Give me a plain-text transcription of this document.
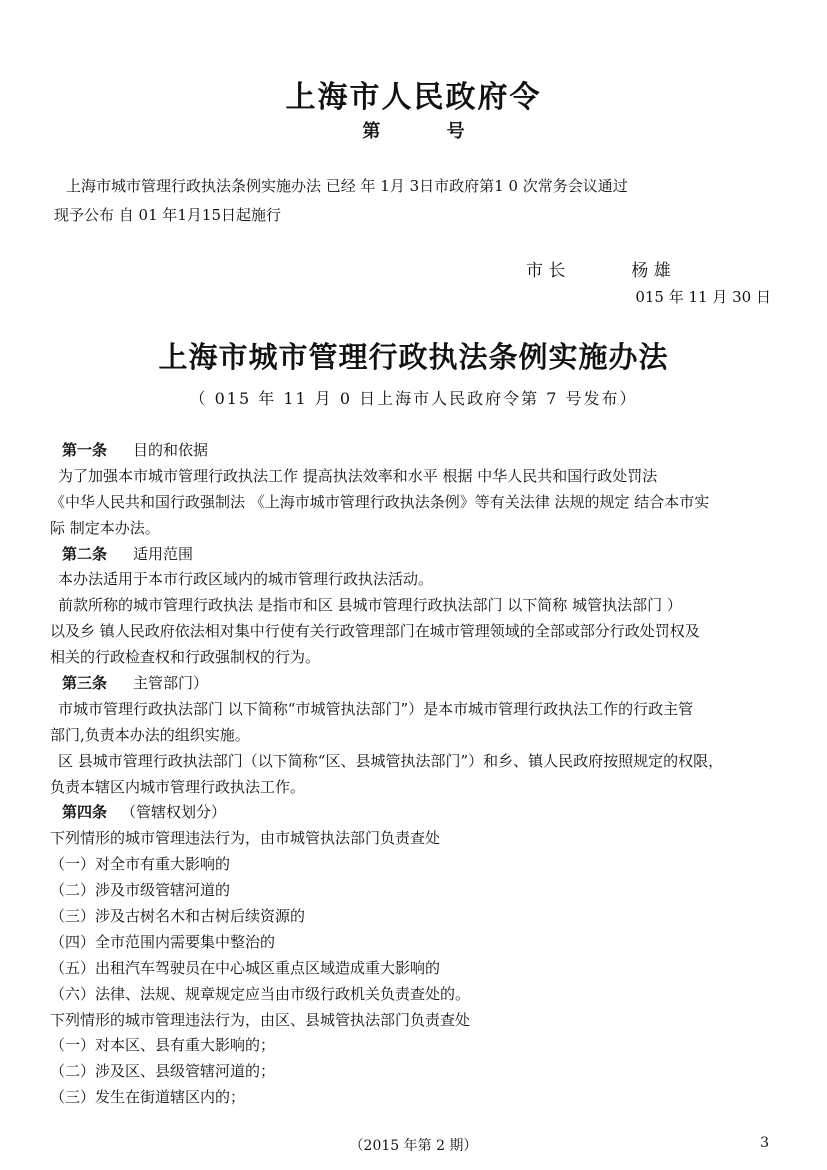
上海市人民政府令
第 号
上海市城市管理行政执法条例实施办法 已经 年 1月 3日市政府第1 0 次常务会议通过
现予公布 自 01 年1月15日起施行
市 长	杨 雄
015 年 11 月 30 日
上海市城市管理行政执法条例实施办法
（ 015 年 11 月 0 日上海市人民政府令第 7 号发布）
第一条 目的和依据
为了加强本市城市管理行政执法工作 提高执法效率和水平 根据 中华人民共和国行政处罚法
《中华人民共和国行政强制法 《上海市城市管理行政执法条例》等有关法律 法规的规定 结合本市实
际 制定本办法。
第二条 适用范围
本办法适用于本市行政区域内的城市管理行政执法活动。
前款所称的城市管理行政执法 是指市和区 县城市管理行政执法部门 以下简称 城管执法部门 ）
以及乡 镇人民政府依法相对集中行使有关行政管理部门在城市管理领域的全部或部分行政处罚权及
相关的行政检查权和行政强制权的行为。
第三条 主管部门）
市城市管理行政执法部门 以下简称“市城管执法部门”）是本市城市管理行政执法工作的行政主管
部门,负责本办法的组织实施。
区 县城市管理行政执法部门（以下简称“区、县城管执法部门”）和乡、镇人民政府按照规定的权限，
负责本辖区内城市管理行政执法工作。
第四条 （管辖权划分）
下列情形的城市管理违法行为，由市城管执法部门负责查处
（一）对全市有重大影响的
（二）涉及市级管辖河道的
（三）涉及古树名木和古树后续资源的
（四）全市范围内需要集中整治的
（五）出租汽车驾驶员在中心城区重点区域造成重大影响的
（六）法律、法规、规章规定应当由市级行政机关负责查处的。
下列情形的城市管理违法行为，由区、县城管执法部门负责查处
（一）对本区、县有重大影响的；
（二）涉及区、县级管辖河道的；
（三）发生在街道辖区内的；
（2015 年第 2 期）	3
